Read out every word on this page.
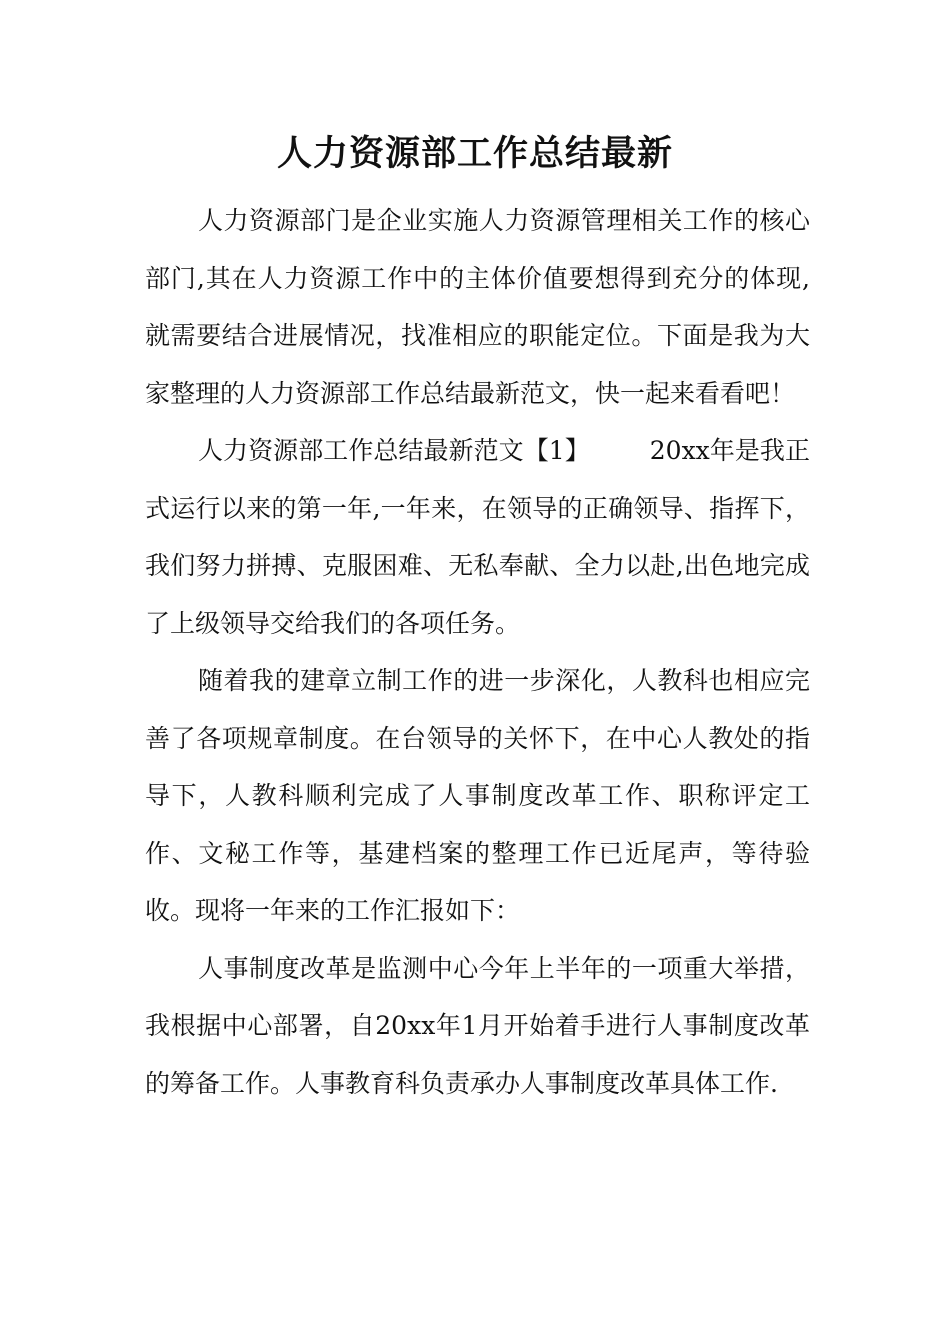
人力资源部工作总结最新

人力资源部门是企业实施人力资源管理相关工作的核心部门,其在人力资源工作中的主体价值要想得到充分的体现,就需要结合进展情况，找准相应的职能定位。下面是我为大家整理的人力资源部工作总结最新范文，快一起来看看吧！

人力资源部工作总结最新范文【1】 20xx年是我正式运行以来的第一年,一年来，在领导的正确领导、指挥下，我们努力拼搏、克服困难、无私奉献、全力以赴,出色地完成了上级领导交给我们的各项任务。

随着我的建章立制工作的进一步深化，人教科也相应完善了各项规章制度。在台领导的关怀下，在中心人教处的指导下，人教科顺利完成了人事制度改革工作、职称评定工作、文秘工作等，基建档案的整理工作已近尾声，等待验收。现将一年来的工作汇报如下：

人事制度改革是监测中心今年上半年的一项重大举措，我根据中心部署，自20xx年1月开始着手进行人事制度改革的筹备工作。人事教育科负责承办人事制度改革具体工作.
